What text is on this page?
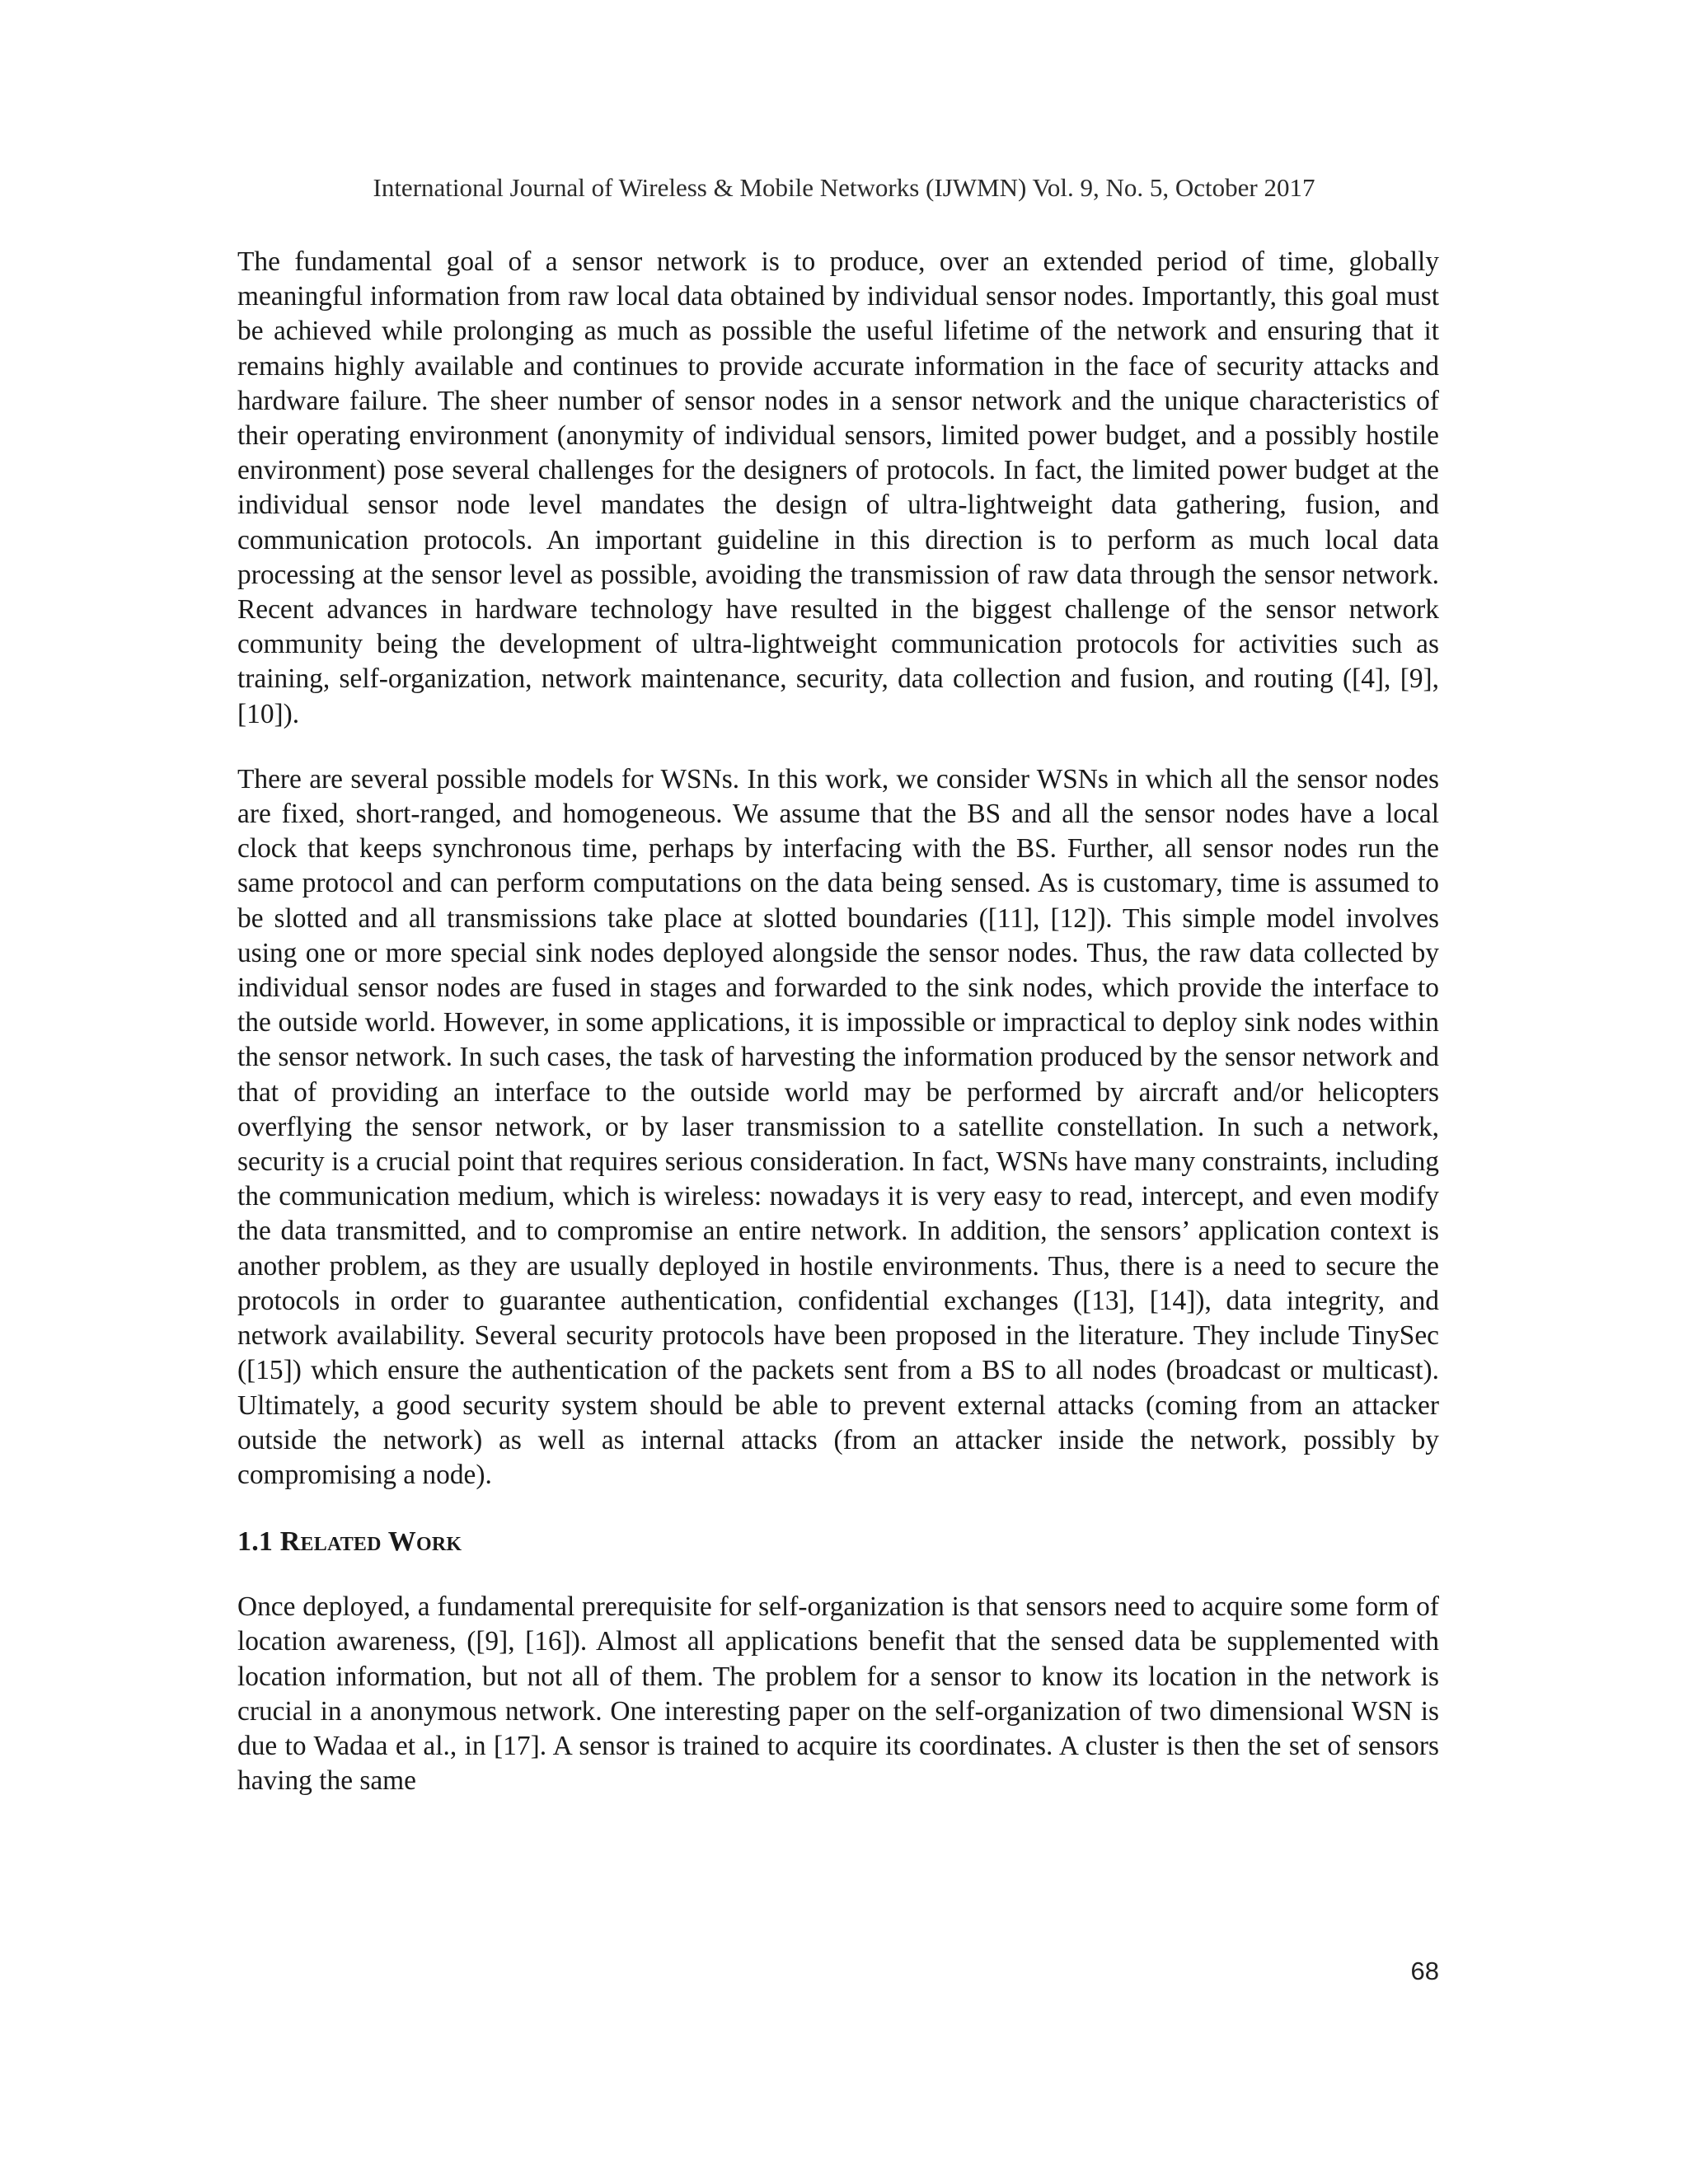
International Journal of Wireless & Mobile Networks (IJWMN) Vol. 9, No. 5, October 2017

The fundamental goal of a sensor network is to produce, over an extended period of time, globally meaningful information from raw local data obtained by individual sensor nodes. Importantly, this goal must be achieved while prolonging as much as possible the useful lifetime of the network and ensuring that it remains highly available and continues to provide accurate information in the face of security attacks and hardware failure. The sheer number of sensor nodes in a sensor network and the unique characteristics of their operating environment (anonymity of individual sensors, limited power budget, and a possibly hostile environment) pose several challenges for the designers of protocols. In fact, the limited power budget at the individual sensor node level mandates the design of ultra-lightweight data gathering, fusion, and communication protocols. An important guideline in this direction is to perform as much local data processing at the sensor level as possible, avoiding the transmission of raw data through the sensor network. Recent advances in hardware technology have resulted in the biggest challenge of the sensor network community being the development of ultra-lightweight communication protocols for activities such as training, self-organization, network maintenance, security, data collection and fusion, and routing ([4], [9], [10]).

There are several possible models for WSNs. In this work, we consider WSNs in which all the sensor nodes are fixed, short-ranged, and homogeneous. We assume that the BS and all the sensor nodes have a local clock that keeps synchronous time, perhaps by interfacing with the BS. Further, all sensor nodes run the same protocol and can perform computations on the data being sensed. As is customary, time is assumed to be slotted and all transmissions take place at slotted boundaries ([11], [12]). This simple model involves using one or more special sink nodes deployed alongside the sensor nodes. Thus, the raw data collected by individual sensor nodes are fused in stages and forwarded to the sink nodes, which provide the interface to the outside world. However, in some applications, it is impossible or impractical to deploy sink nodes within the sensor network. In such cases, the task of harvesting the information produced by the sensor network and that of providing an interface to the outside world may be performed by aircraft and/or helicopters overflying the sensor network, or by laser transmission to a satellite constellation. In such a network, security is a crucial point that requires serious consideration. In fact, WSNs have many constraints, including the communication medium, which is wireless: nowadays it is very easy to read, intercept, and even modify the data transmitted, and to compromise an entire network. In addition, the sensors’ application context is another problem, as they are usually deployed in hostile environments. Thus, there is a need to secure the protocols in order to guarantee authentication, confidential exchanges ([13], [14]), data integrity, and network availability. Several security protocols have been proposed in the literature. They include TinySec ([15]) which ensure the authentication of the packets sent from a BS to all nodes (broadcast or multicast). Ultimately, a good security system should be able to prevent external attacks (coming from an attacker outside the network) as well as internal attacks (from an attacker inside the network, possibly by compromising a node).

1.1 Related Work

Once deployed, a fundamental prerequisite for self-organization is that sensors need to acquire some form of location awareness, ([9], [16]). Almost all applications benefit that the sensed data be supplemented with location information, but not all of them. The problem for a sensor to know its location in the network is crucial in a anonymous network. One interesting paper on the self-organization of two dimensional WSN is due to Wadaa et al., in [17]. A sensor is trained to acquire its coordinates. A cluster is then the set of sensors having the same

68
